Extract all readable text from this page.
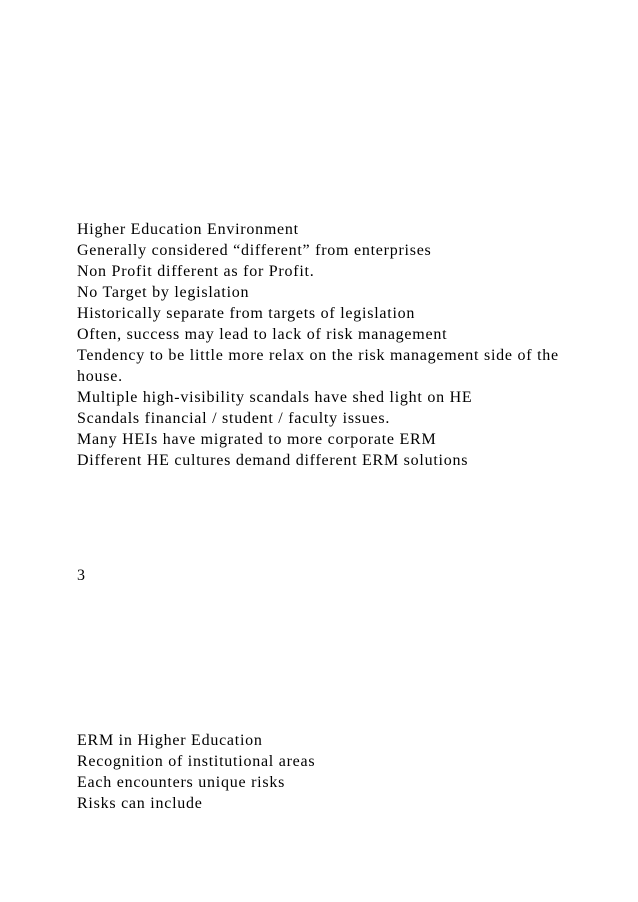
Higher Education Environment
Generally considered “different” from enterprises
Non Profit different as for Profit.
No Target by legislation
Historically separate from targets of legislation
Often, success may lead to lack of risk management
Tendency to be little more relax on the risk management side of the house.
Multiple high-visibility scandals have shed light on HE
Scandals financial / student / faculty issues.
Many HEIs have migrated to more corporate ERM
Different HE cultures demand different ERM solutions
3
ERM in Higher Education
Recognition of institutional areas
Each encounters unique risks
Risks can include
